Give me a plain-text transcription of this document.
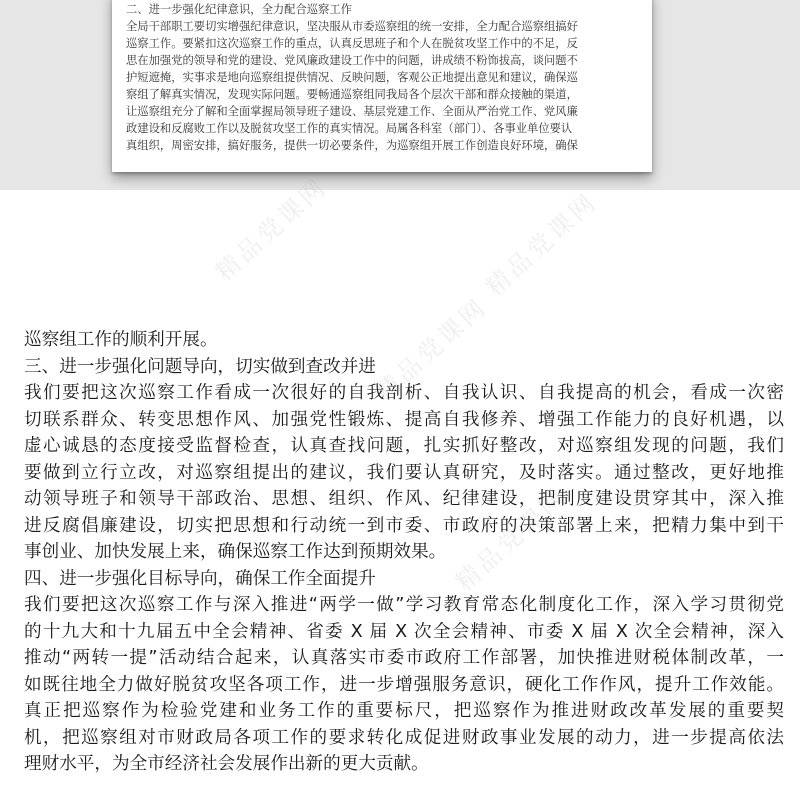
二、进一步强化纪律意识，全力配合巡察工作

全局干部职工要切实增强纪律意识，坚决服从市委巡察组的统一安排，全力配合巡察组搞好

巡察工作。要紧扣这次巡察工作的重点，认真反思班子和个人在脱贫攻坚工作中的不足，反

思在加强党的领导和党的建设、党风廉政建设工作中的问题，讲成绩不粉饰拔高，谈问题不

护短遮掩，实事求是地向巡察组提供情况、反映问题，客观公正地提出意见和建议，确保巡

察组了解真实情况，发现实际问题。要畅通巡察组同我局各个层次干部和群众接触的渠道，

让巡察组充分了解和全面掌握局领导班子建设、基层党建工作、全面从严治党工作、党风廉

政建设和反腐败工作以及脱贫攻坚工作的真实情况。局属各科室（部门）、各事业单位要认

真组织，周密安排，搞好服务，提供一切必要条件，为巡察组开展工作创造良好环境，确保

精品党课网	精品党课网
精品党课网
精品党课网

巡察组工作的顺利开展。

三、进一步强化问题导向，切实做到查改并进

我们要把这次巡察工作看成一次很好的自我剖析、自我认识、自我提高的机会，看成一次密

切联系群众、转变思想作风、加强党性锻炼、提高自我修养、增强工作能力的良好机遇，以

虚心诚恳的态度接受监督检查，认真查找问题，扎实抓好整改，对巡察组发现的问题，我们

要做到立行立改，对巡察组提出的建议，我们要认真研究，及时落实。通过整改，更好地推

动领导班子和领导干部政治、思想、组织、作风、纪律建设，把制度建设贯穿其中，深入推

进反腐倡廉建设，切实把思想和行动统一到市委、市政府的决策部署上来，把精力集中到干

事创业、加快发展上来，确保巡察工作达到预期效果。

四、进一步强化目标导向，确保工作全面提升

我们要把这次巡察工作与深入推进“两学一做”学习教育常态化制度化工作，深入学习贯彻党

的十九大和十九届五中全会精神、省委 X 届 X 次全会精神、市委 X 届 X 次全会精神，深入

推动“两转一提”活动结合起来，认真落实市委市政府工作部署，加快推进财税体制改革，一

如既往地全力做好脱贫攻坚各项工作，进一步增强服务意识，硬化工作作风，提升工作效能。

真正把巡察作为检验党建和业务工作的重要标尺，把巡察作为推进财政改革发展的重要契

机，把巡察组对市财政局各项工作的要求转化成促进财政事业发展的动力，进一步提高依法

理财水平，为全市经济社会发展作出新的更大贡献。
